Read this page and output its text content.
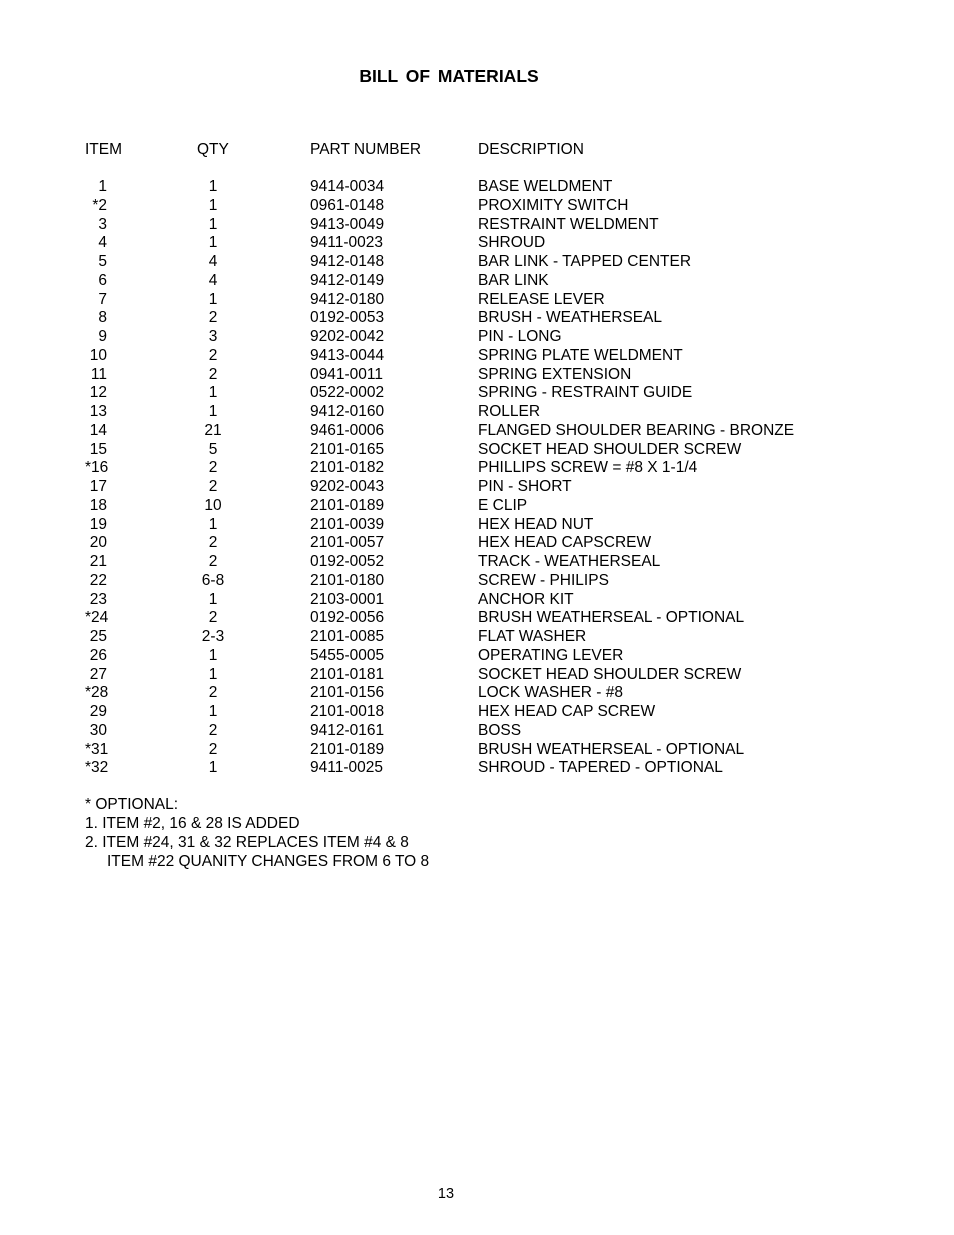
BILL OF MATERIALS
ITEM	QTY	PART NUMBER	DESCRIPTION
1	1	9414-0034	BASE WELDMENT
*2	1	0961-0148	PROXIMITY SWITCH
3	1	9413-0049	RESTRAINT WELDMENT
4	1	9411-0023	SHROUD
5	4	9412-0148	BAR LINK - TAPPED CENTER
6	4	9412-0149	BAR LINK
7	1	9412-0180	RELEASE LEVER
8	2	0192-0053	BRUSH - WEATHERSEAL
9	3	9202-0042	PIN - LONG
10	2	9413-0044	SPRING PLATE WELDMENT
11	2	0941-0011	SPRING EXTENSION
12	1	0522-0002	SPRING - RESTRAINT GUIDE
13	1	9412-0160	ROLLER
14	21	9461-0006	FLANGED SHOULDER BEARING - BRONZE
15	5	2101-0165	SOCKET HEAD SHOULDER SCREW
*16	2	2101-0182	PHILLIPS SCREW = #8 X 1-1/4
17	2	9202-0043	PIN - SHORT
18	10	2101-0189	E CLIP
19	1	2101-0039	HEX HEAD NUT
20	2	2101-0057	HEX HEAD CAPSCREW
21	2	0192-0052	TRACK - WEATHERSEAL
22	6-8	2101-0180	SCREW - PHILIPS
23	1	2103-0001	ANCHOR KIT
*24	2	0192-0056	BRUSH WEATHERSEAL - OPTIONAL
25	2-3	2101-0085	FLAT WASHER
26	1	5455-0005	OPERATING LEVER
27	1	2101-0181	SOCKET HEAD SHOULDER SCREW
*28	2	2101-0156	LOCK WASHER - #8
29	1	2101-0018	HEX HEAD CAP SCREW
30	2	9412-0161	BOSS
*31	2	2101-0189	BRUSH WEATHERSEAL - OPTIONAL
*32	1	9411-0025	SHROUD - TAPERED - OPTIONAL
* OPTIONAL:
1. ITEM #2, 16 & 28 IS ADDED
2. ITEM #24, 31 & 32 REPLACES ITEM #4 & 8
ITEM #22 QUANITY CHANGES FROM 6 TO 8
13
